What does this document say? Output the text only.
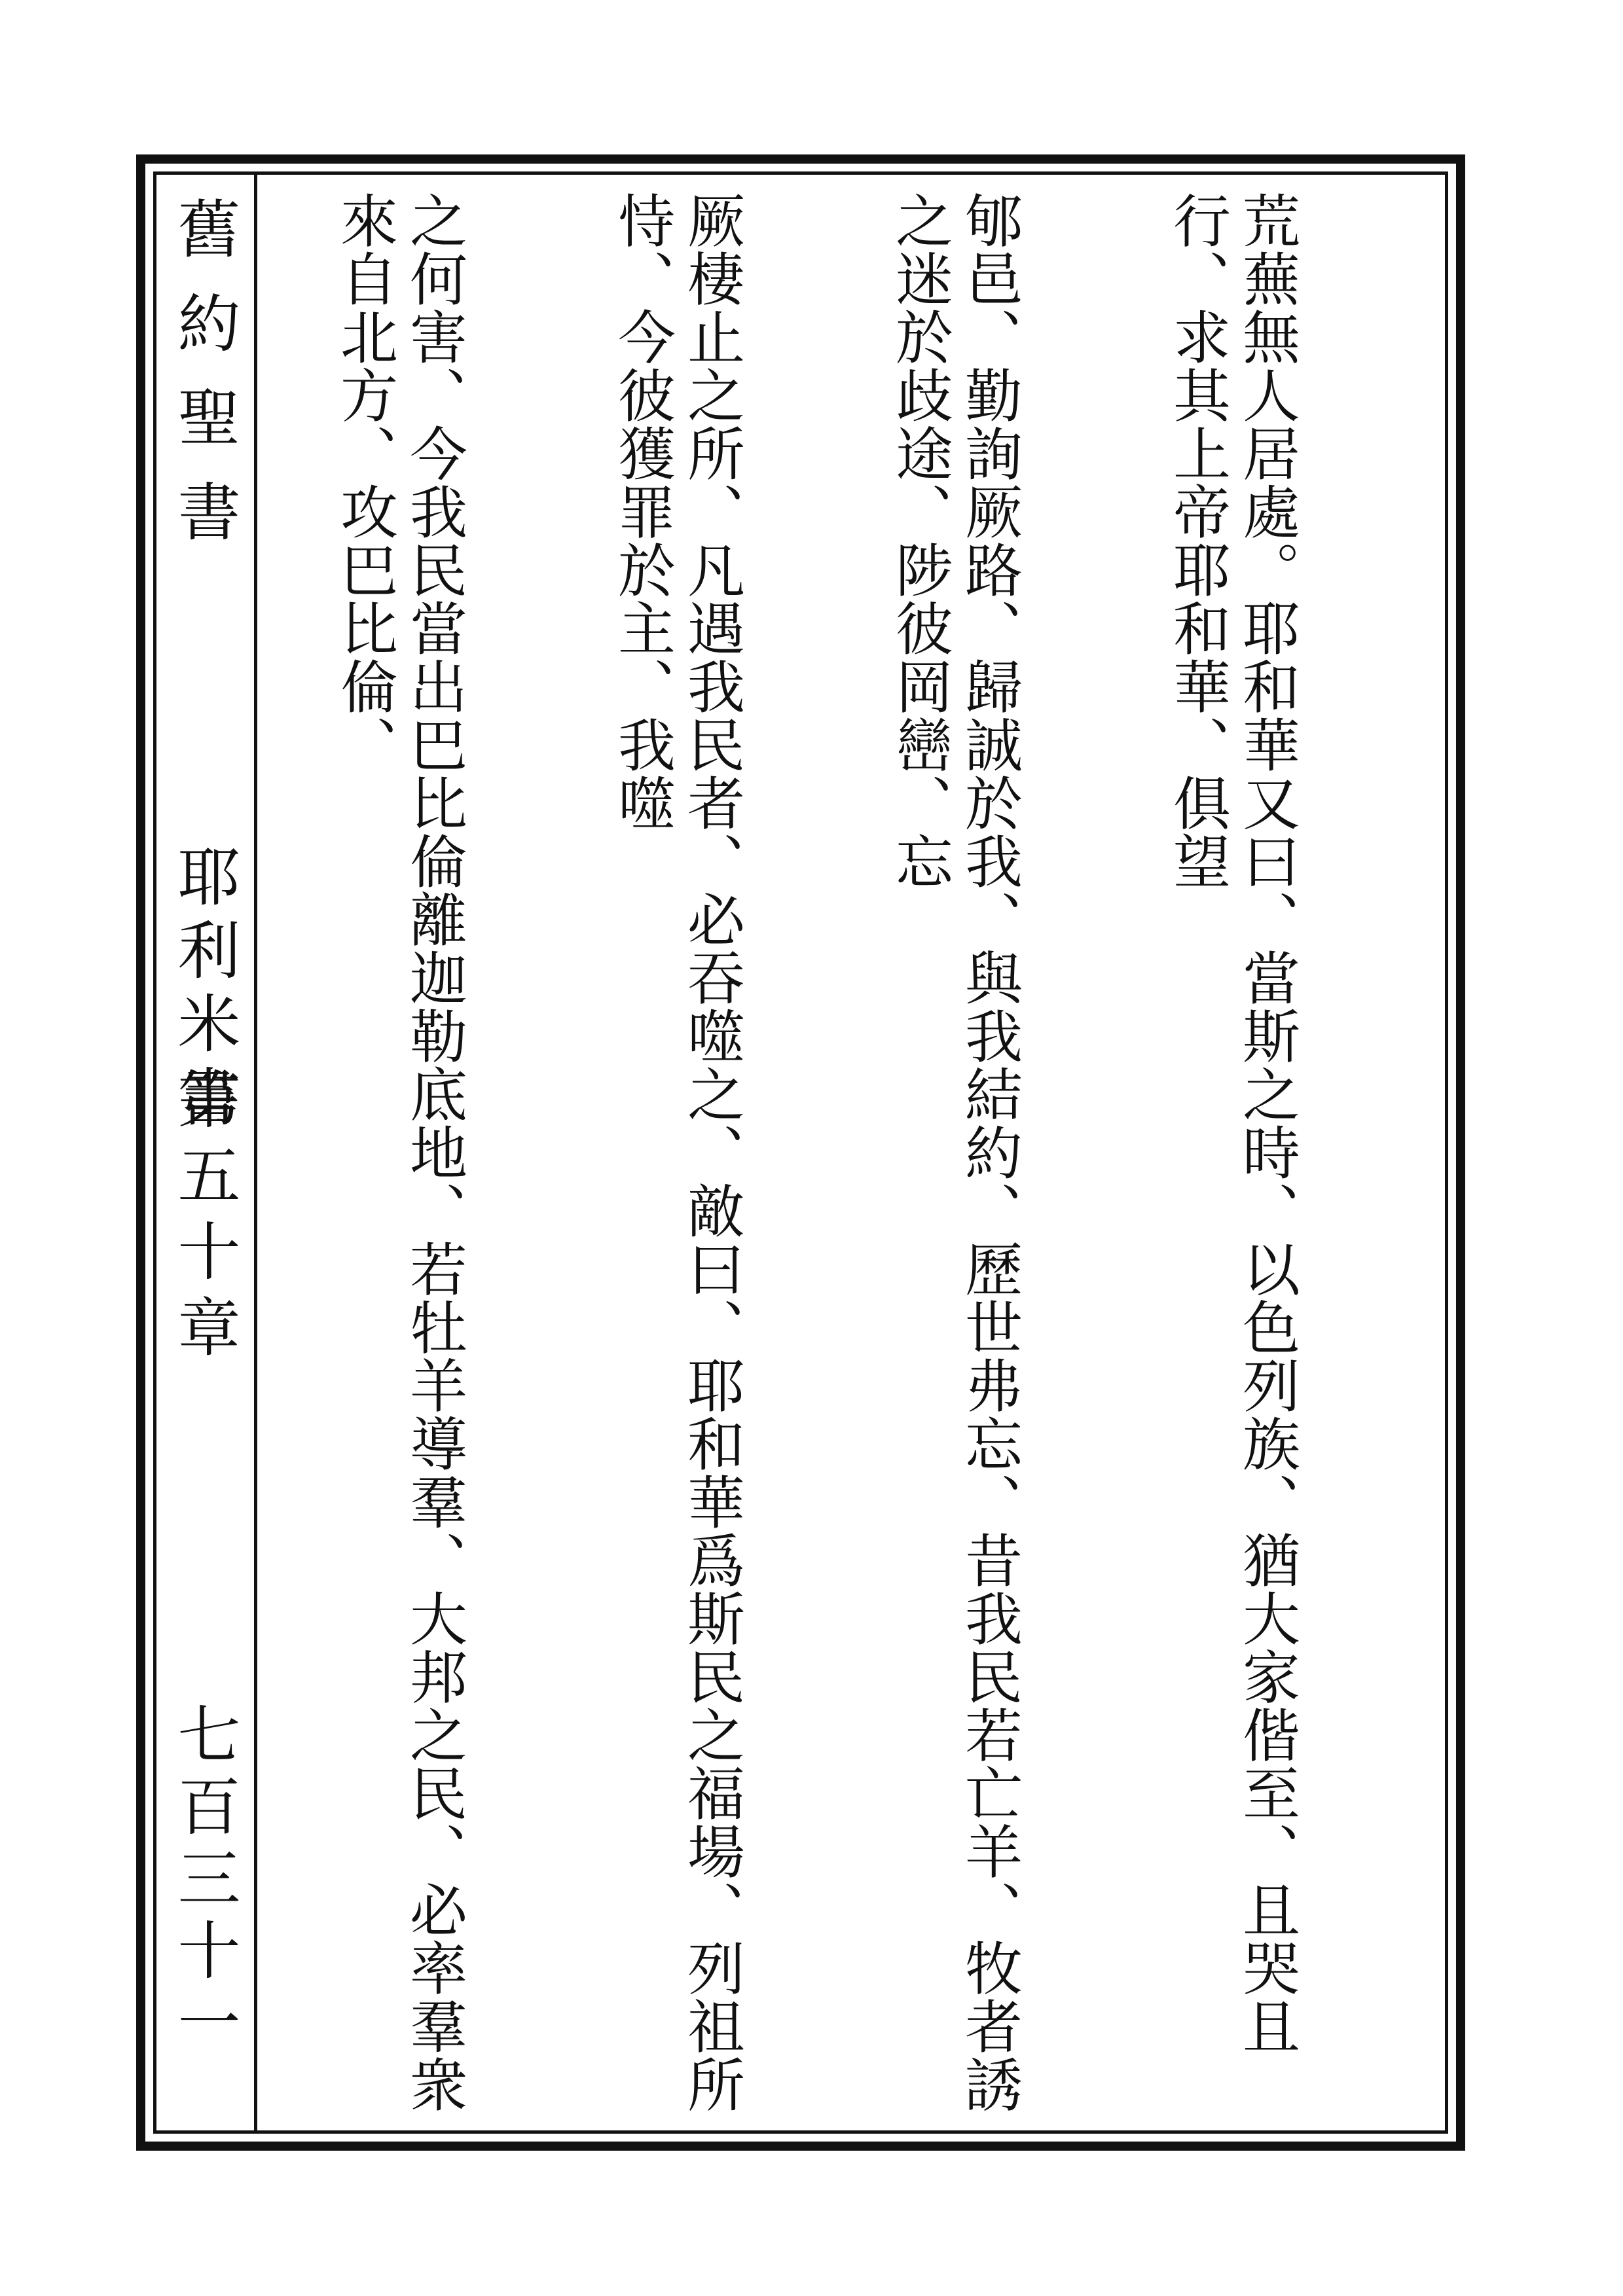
舊約聖書
耶利米書
第五十章
七百三十一

	荒蕪無人居處。耶和華又曰、當斯之時、以色列族、猶大家偕至、且哭且行、求其上帝耶和華、俱望

郇邑、勤詢厥路、歸誠於我、與我結約、歷世弗忘、昔我民若亡羊、牧者誘之迷於歧途、陟彼岡巒、忘

厥棲止之所、凡遇我民者、必吞噬之、敵曰、耶和華爲斯民之福場、列祖所恃、今彼獲罪於主、我噬

之何害、今我民當出巴比倫離迦勒底地、若牡羊導羣、大邦之民、必率羣衆來自北方、攻巴比倫、
